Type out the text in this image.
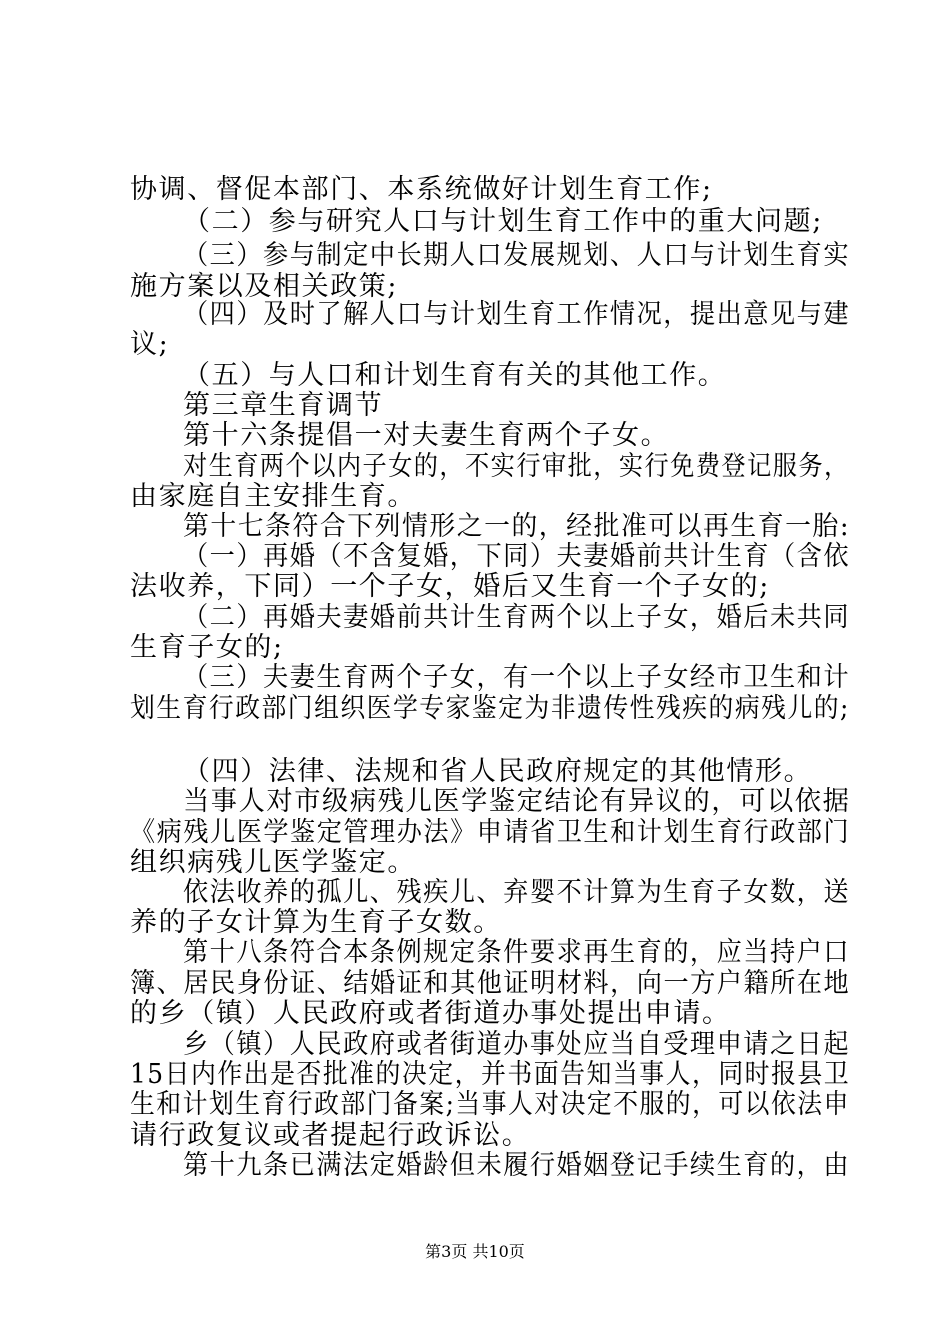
协调、督促本部门、本系统做好计划生育工作;
（二）参与研究人口与计划生育工作中的重大问题;
（三）参与制定中长期人口发展规划、人口与计划生育实
施方案以及相关政策;
（四）及时了解人口与计划生育工作情况，提出意见与建
议;
（五）与人口和计划生育有关的其他工作。
第三章生育调节
第十六条提倡一对夫妻生育两个子女。
对生育两个以内子女的，不实行审批，实行免费登记服务，
由家庭自主安排生育。
第十七条符合下列情形之一的，经批准可以再生育一胎:
（一）再婚（不含复婚，下同）夫妻婚前共计生育（含依
法收养，下同）一个子女，婚后又生育一个子女的;
（二）再婚夫妻婚前共计生育两个以上子女，婚后未共同
生育子女的;
（三）夫妻生育两个子女，有一个以上子女经市卫生和计
划生育行政部门组织医学专家鉴定为非遗传性残疾的病残儿的;
（四）法律、法规和省人民政府规定的其他情形。
当事人对市级病残儿医学鉴定结论有异议的，可以依据
《病残儿医学鉴定管理办法》申请省卫生和计划生育行政部门
组织病残儿医学鉴定。
依法收养的孤儿、残疾儿、弃婴不计算为生育子女数，送
养的子女计算为生育子女数。
第十八条符合本条例规定条件要求再生育的，应当持户口
簿、居民身份证、结婚证和其他证明材料，向一方户籍所在地
的乡（镇）人民政府或者街道办事处提出申请。
乡（镇）人民政府或者街道办事处应当自受理申请之日起
15日内作出是否批准的决定，并书面告知当事人，同时报县卫
生和计划生育行政部门备案;当事人对决定不服的，可以依法申
请行政复议或者提起行政诉讼。
第十九条已满法定婚龄但未履行婚姻登记手续生育的，由
第3页 共10页
